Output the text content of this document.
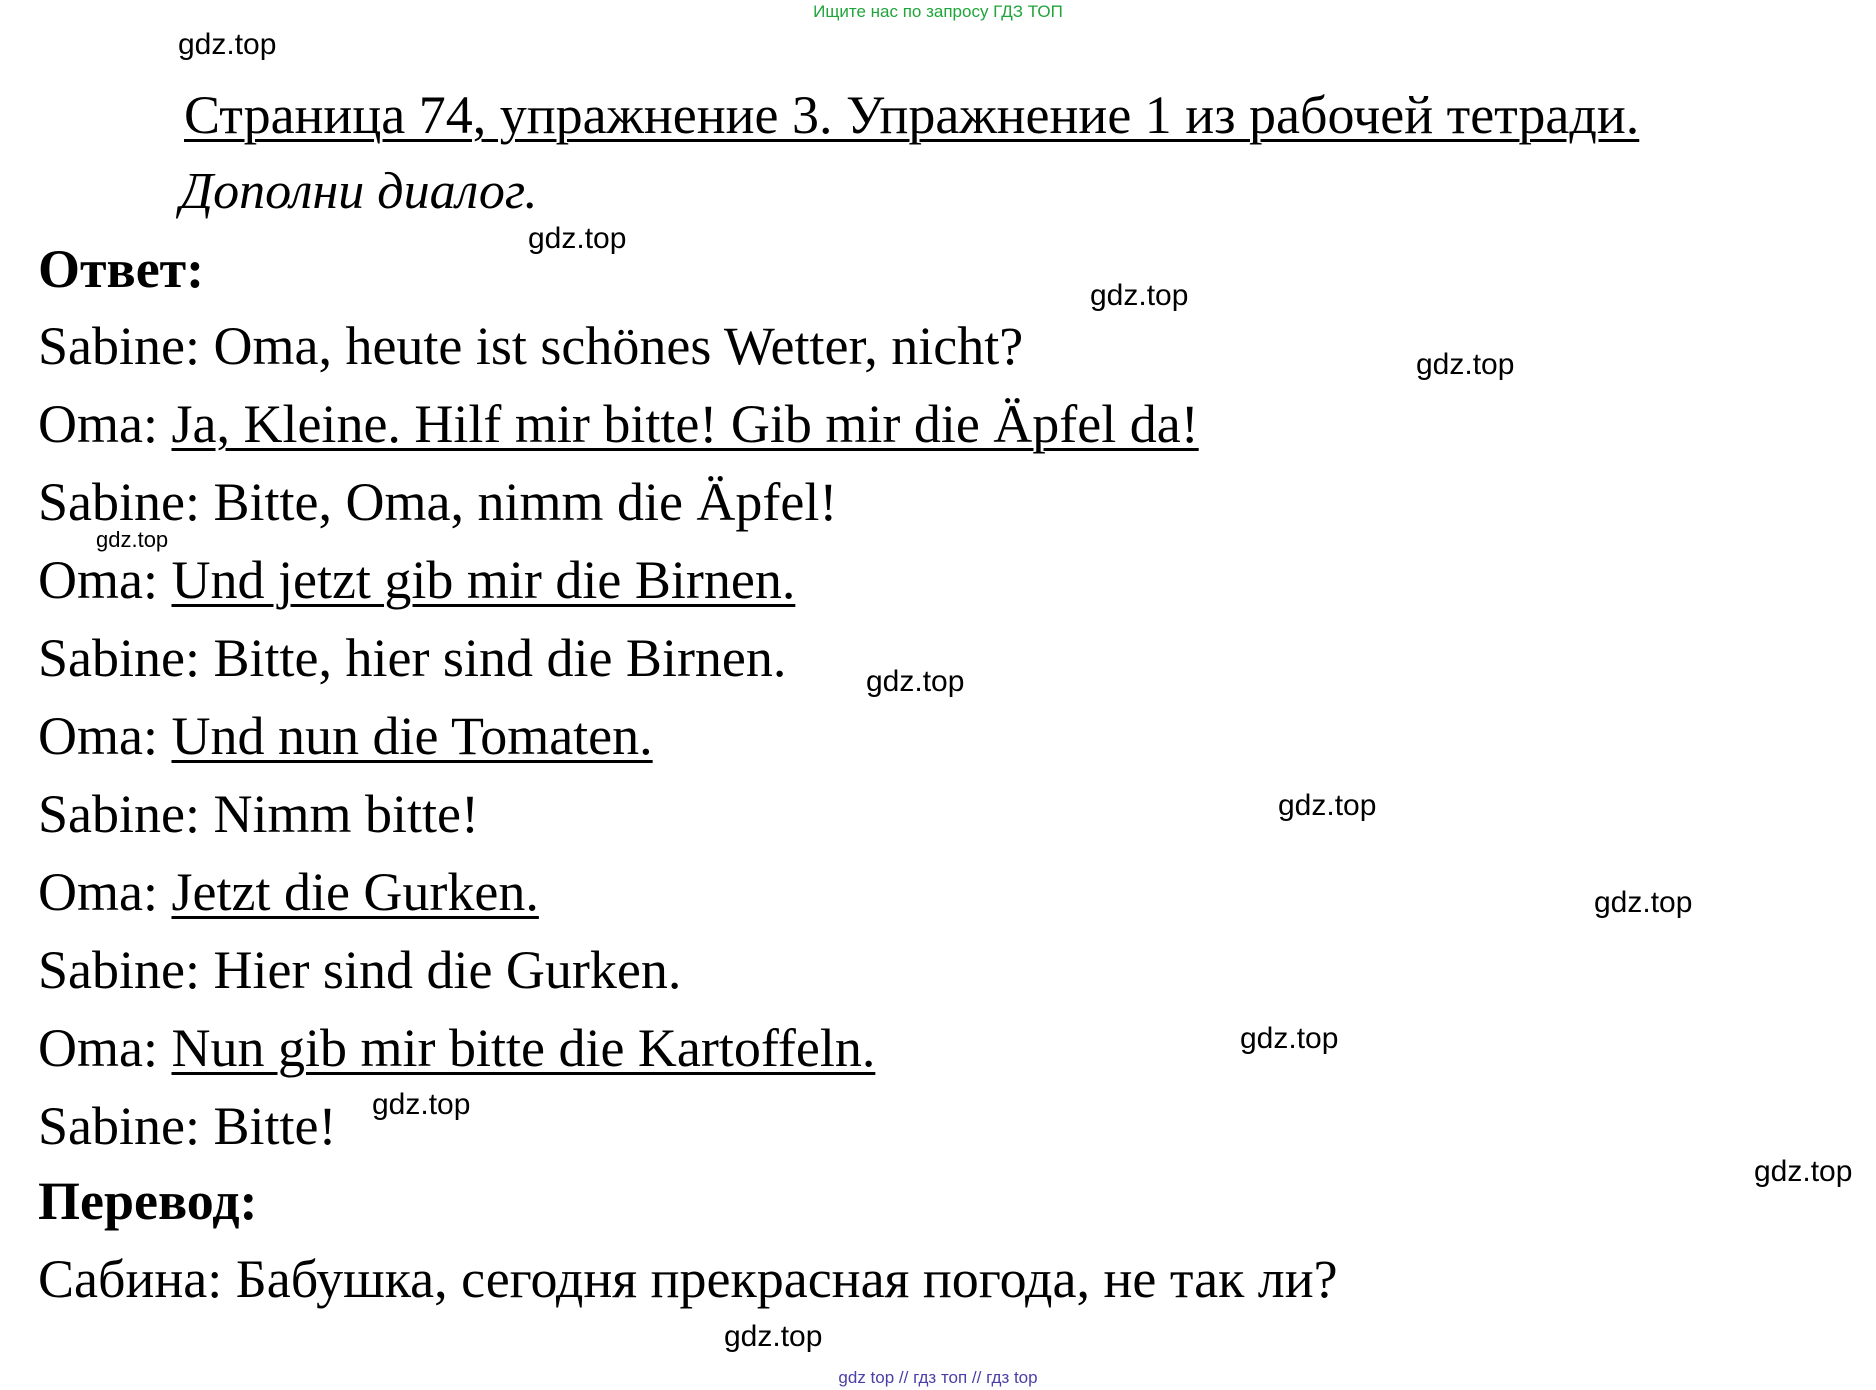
Ищите нас по запросу ГДЗ ТОП
Страница 74, упражнение 3. Упражнение 1 из рабочей тетради.
Дополни диалог.
Ответ:
Sabine: Oma, heute ist schönes Wetter, nicht?
Oma: Ja, Kleine. Hilf mir bitte! Gib mir die Äpfel da!
Sabine: Bitte, Oma, nimm die Äpfel!
Oma: Und jetzt gib mir die Birnen.
Sabine: Bitte, hier sind die Birnen.
Oma: Und nun die Tomaten.
Sabine: Nimm bitte!
Oma: Jetzt die Gurken.
Sabine: Hier sind die Gurken.
Oma: Nun gib mir bitte die Kartoffeln.
Sabine: Bitte!
Перевод:
Сабина: Бабушка, сегодня прекрасная погода, не так ли?
gdz.top
gdz.top
gdz.top
gdz.top
gdz.top
gdz.top
gdz.top
gdz.top
gdz.top
gdz.top
gdz.top
gdz.top
gdz top // гдз топ // гдз top
